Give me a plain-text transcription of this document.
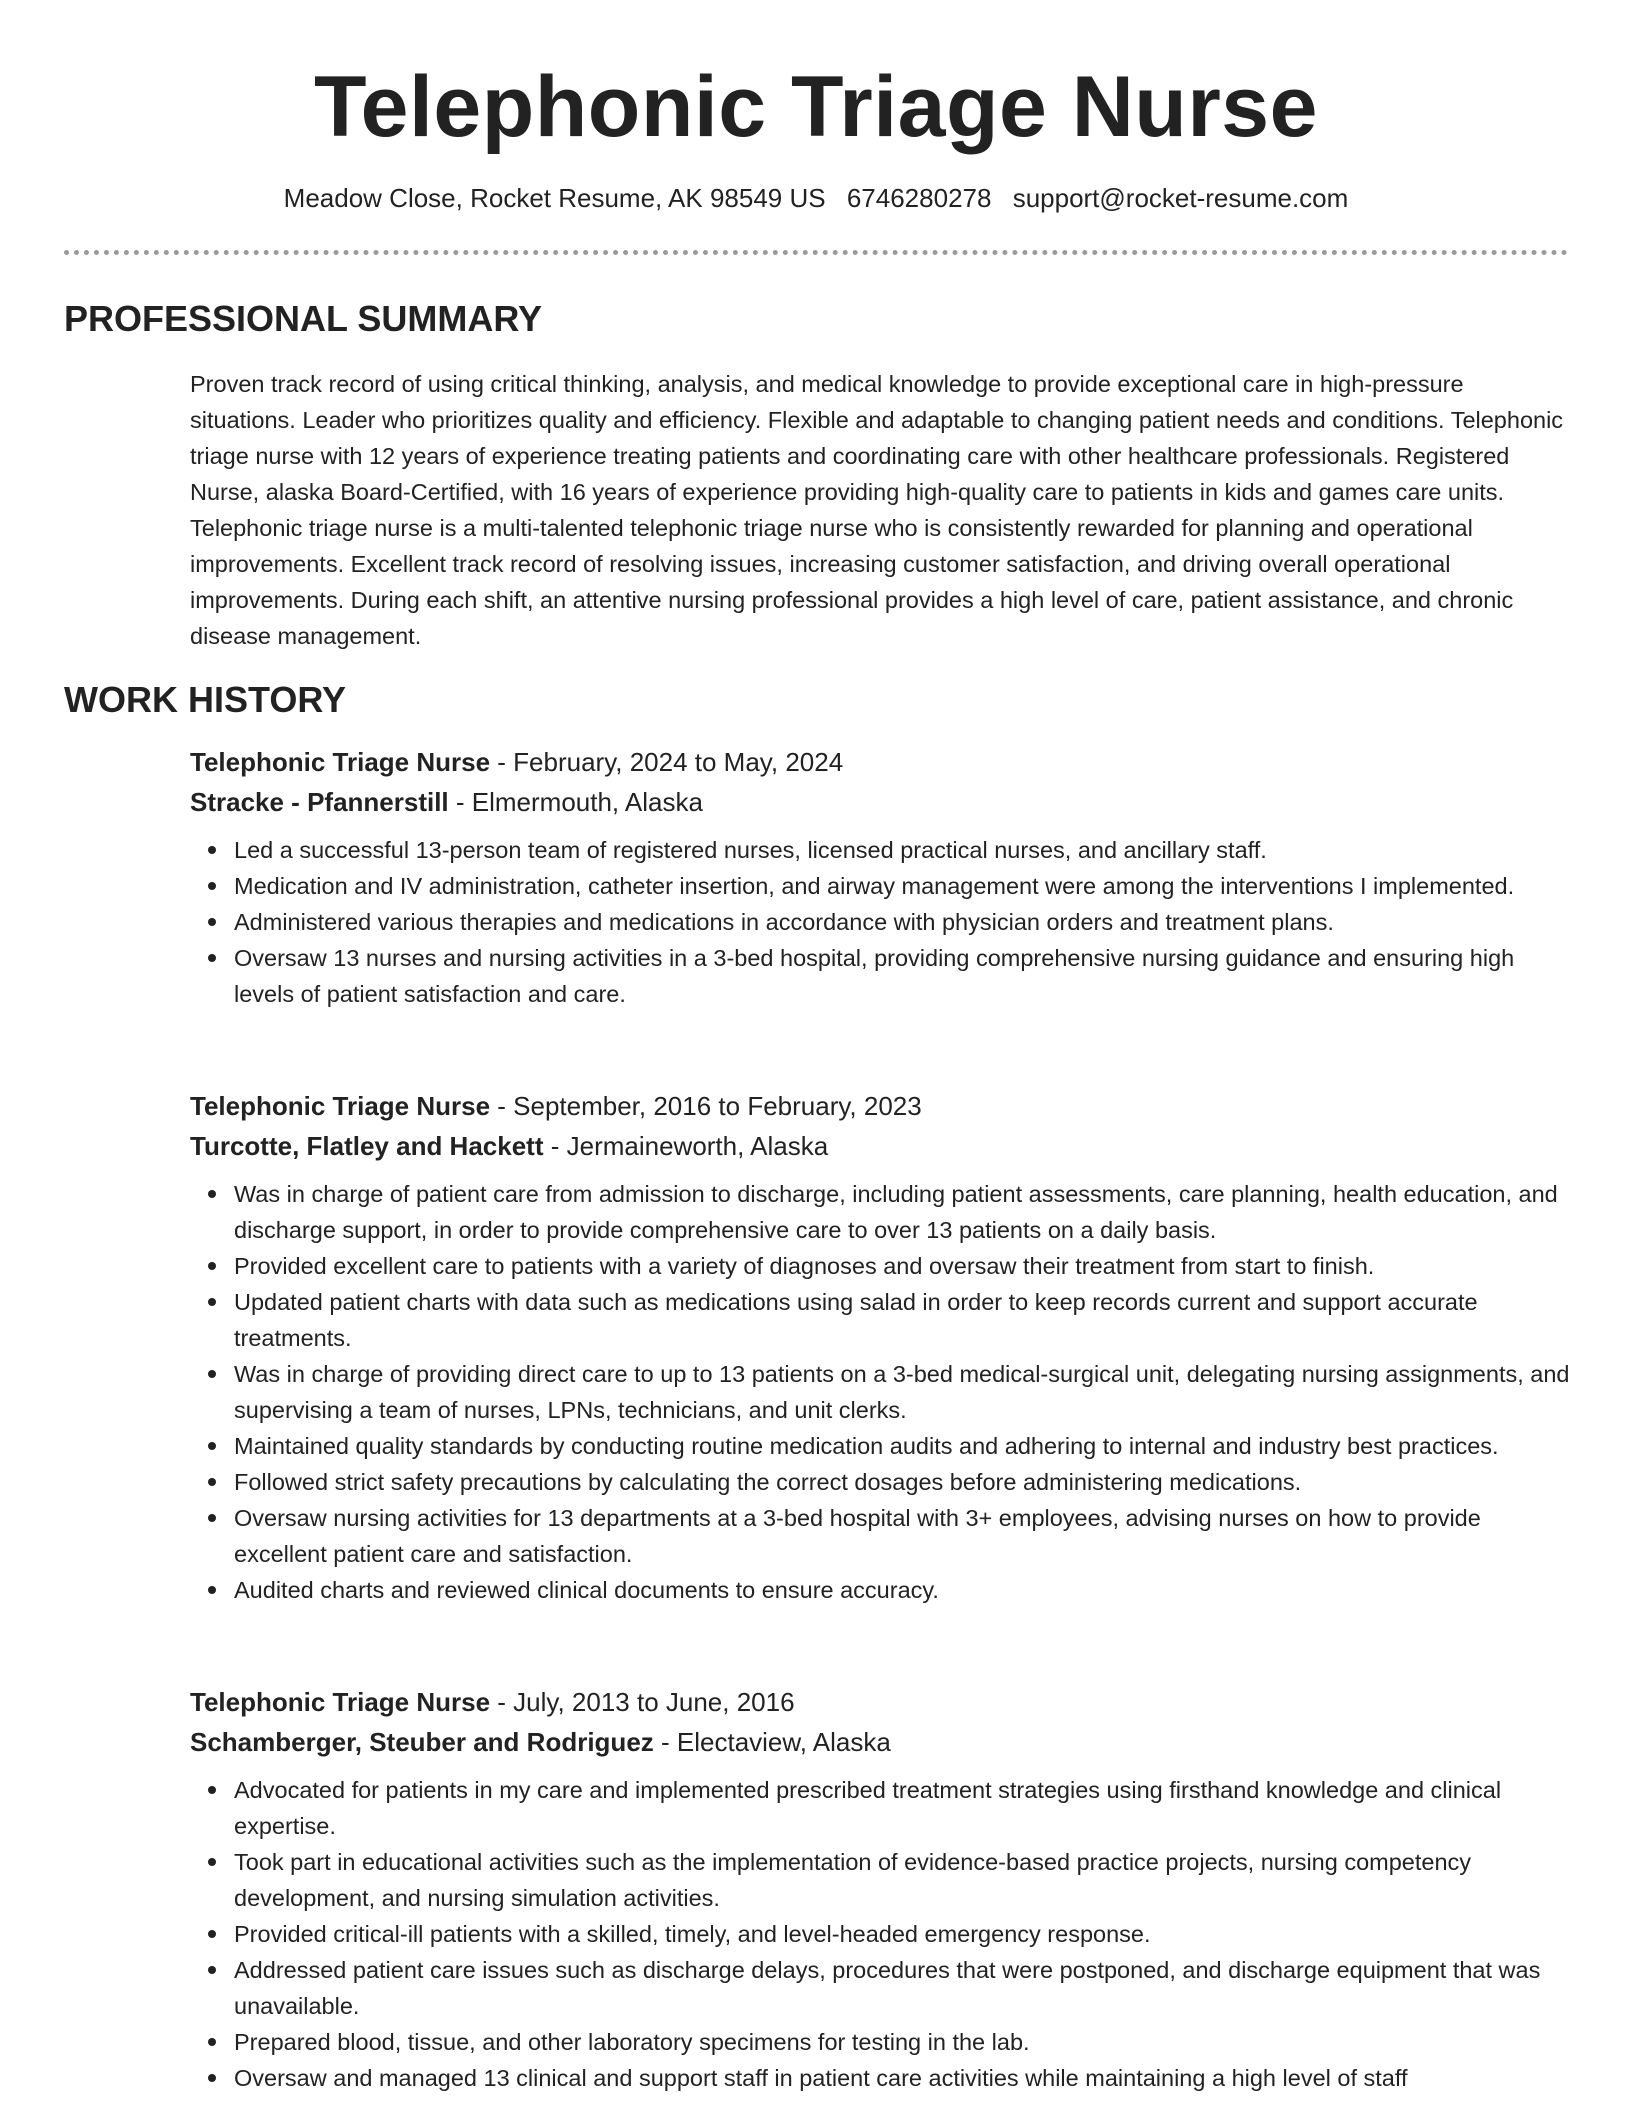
Telephonic Triage Nurse
Meadow Close, Rocket Resume, AK 98549 US 6746280278 support@rocket-resume.com
PROFESSIONAL SUMMARY
Proven track record of using critical thinking, analysis, and medical knowledge to provide exceptional care in high-pressure situations. Leader who prioritizes quality and efficiency. Flexible and adaptable to changing patient needs and conditions. Telephonic triage nurse with 12 years of experience treating patients and coordinating care with other healthcare professionals. Registered Nurse, alaska Board-Certified, with 16 years of experience providing high-quality care to patients in kids and games care units. Telephonic triage nurse is a multi-talented telephonic triage nurse who is consistently rewarded for planning and operational improvements. Excellent track record of resolving issues, increasing customer satisfaction, and driving overall operational improvements. During each shift, an attentive nursing professional provides a high level of care, patient assistance, and chronic disease management.
WORK HISTORY
Telephonic Triage Nurse - February, 2024 to May, 2024
Stracke - Pfannerstill - Elmermouth, Alaska
Led a successful 13-person team of registered nurses, licensed practical nurses, and ancillary staff.
Medication and IV administration, catheter insertion, and airway management were among the interventions I implemented.
Administered various therapies and medications in accordance with physician orders and treatment plans.
Oversaw 13 nurses and nursing activities in a 3-bed hospital, providing comprehensive nursing guidance and ensuring high levels of patient satisfaction and care.
Telephonic Triage Nurse - September, 2016 to February, 2023
Turcotte, Flatley and Hackett - Jermaineworth, Alaska
Was in charge of patient care from admission to discharge, including patient assessments, care planning, health education, and discharge support, in order to provide comprehensive care to over 13 patients on a daily basis.
Provided excellent care to patients with a variety of diagnoses and oversaw their treatment from start to finish.
Updated patient charts with data such as medications using salad in order to keep records current and support accurate treatments.
Was in charge of providing direct care to up to 13 patients on a 3-bed medical-surgical unit, delegating nursing assignments, and supervising a team of nurses, LPNs, technicians, and unit clerks.
Maintained quality standards by conducting routine medication audits and adhering to internal and industry best practices.
Followed strict safety precautions by calculating the correct dosages before administering medications.
Oversaw nursing activities for 13 departments at a 3-bed hospital with 3+ employees, advising nurses on how to provide excellent patient care and satisfaction.
Audited charts and reviewed clinical documents to ensure accuracy.
Telephonic Triage Nurse - July, 2013 to June, 2016
Schamberger, Steuber and Rodriguez - Electaview, Alaska
Advocated for patients in my care and implemented prescribed treatment strategies using firsthand knowledge and clinical expertise.
Took part in educational activities such as the implementation of evidence-based practice projects, nursing competency development, and nursing simulation activities.
Provided critical-ill patients with a skilled, timely, and level-headed emergency response.
Addressed patient care issues such as discharge delays, procedures that were postponed, and discharge equipment that was unavailable.
Prepared blood, tissue, and other laboratory specimens for testing in the lab.
Oversaw and managed 13 clinical and support staff in patient care activities while maintaining a high level of staff
